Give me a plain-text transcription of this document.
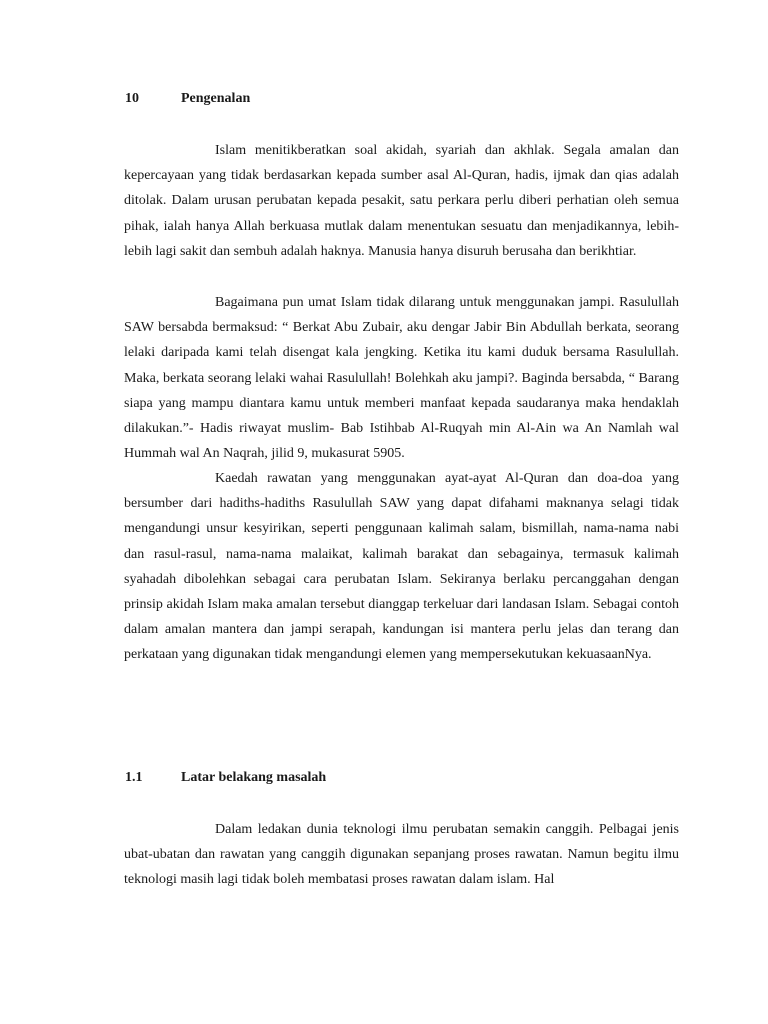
10	Pengenalan

Islam menitikberatkan soal akidah, syariah dan akhlak. Segala amalan dan kepercayaan yang tidak berdasarkan kepada sumber asal Al-Quran, hadis, ijmak dan qias adalah ditolak. Dalam urusan perubatan kepada pesakit, satu perkara perlu diberi perhatian oleh semua pihak, ialah hanya Allah berkuasa mutlak dalam menentukan sesuatu dan menjadikannya, lebih-lebih lagi sakit dan sembuh adalah haknya. Manusia hanya disuruh berusaha dan berikhtiar.

Bagaimana pun umat Islam tidak dilarang untuk menggunakan jampi. Rasulullah SAW bersabda bermaksud: “ Berkat Abu Zubair, aku dengar Jabir Bin Abdullah berkata, seorang lelaki daripada kami telah disengat kala jengking. Ketika itu kami duduk bersama Rasulullah. Maka, berkata seorang lelaki wahai Rasulullah! Bolehkah aku jampi?. Baginda bersabda, “ Barang siapa yang mampu diantara kamu untuk memberi manfaat kepada saudaranya maka hendaklah dilakukan.”- Hadis riwayat muslim- Bab Istihbab Al-Ruqyah min Al-Ain wa An Namlah wal Hummah wal An Naqrah, jilid 9, mukasurat 5905.

Kaedah rawatan yang menggunakan ayat-ayat Al-Quran dan doa-doa yang bersumber dari hadiths-hadiths Rasulullah SAW yang dapat difahami maknanya selagi tidak mengandungi unsur kesyirikan, seperti penggunaan kalimah salam, bismillah, nama-nama nabi dan rasul-rasul, nama-nama malaikat, kalimah barakat dan sebagainya, termasuk kalimah syahadah dibolehkan sebagai cara perubatan Islam. Sekiranya berlaku percanggahan dengan prinsip akidah Islam maka amalan tersebut dianggap terkeluar dari landasan Islam. Sebagai contoh dalam amalan mantera dan jampi serapah, kandungan isi mantera perlu jelas dan terang dan perkataan yang digunakan tidak mengandungi elemen yang mempersekutukan kekuasaanNya.

1.1	Latar belakang masalah

Dalam ledakan dunia teknologi ilmu perubatan semakin canggih. Pelbagai jenis ubat-ubatan dan rawatan yang canggih digunakan sepanjang proses rawatan. Namun begitu ilmu teknologi masih lagi tidak boleh membatasi proses rawatan dalam islam. Hal
